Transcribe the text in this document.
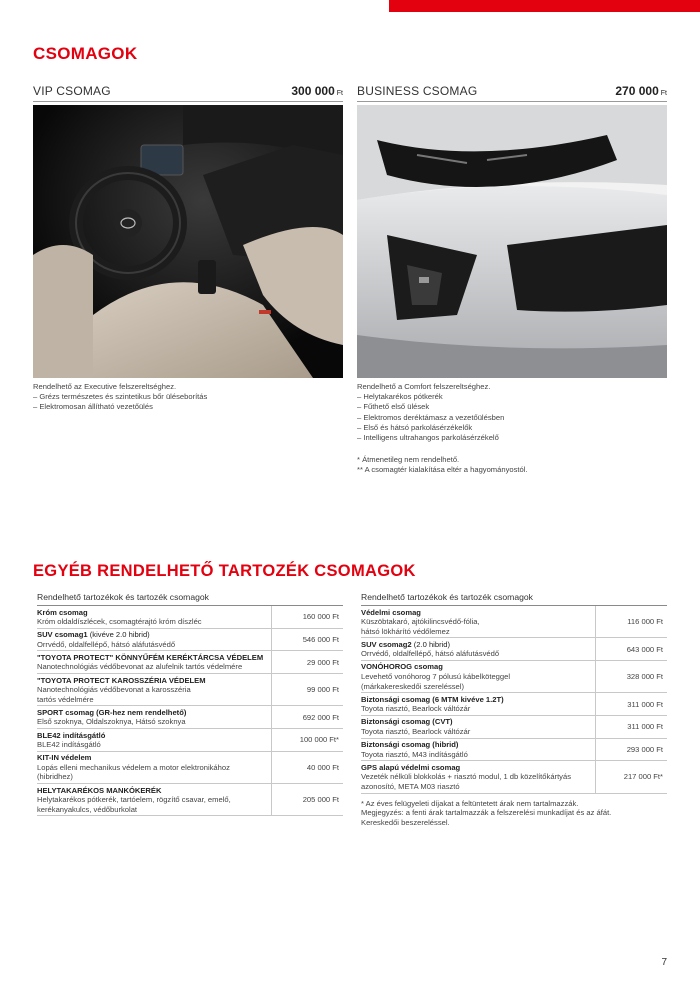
CSOMAGOK
VIP CSOMAG	300 000 Ft
Rendelhető az Executive felszereltséghez.
– Grézs természetes és szintetikus bőr üléseborítás
– Elektromosan állítható vezetőülés
BUSINESS CSOMAG	270 000 Ft
Rendelhető a Comfort felszereltséghez.
– Helytakarékos pótkerék
– Fűthető első ülések
– Elektromos deréktámasz a vezetőülésben
– Első és hátsó parkolásérzékelők
– Intelligens ultrahangos parkolásérzékelő
* Átmenetileg nem rendelhető.
** A csomagtér kialakítása eltér a hagyományostól.
EGYÉB RENDELHETŐ TARTOZÉK CSOMAGOK
Rendelhető tartozékok és tartozék csomagok
Króm csomag
Króm oldaldíszlécek, csomagtérajtó króm díszléc
160 000 Ft
SUV csomag1 (kivéve 2.0 hibrid)
Orrvédő, oldalfellépő, hátsó aláfutásvédő
546 000 Ft
"TOYOTA PROTECT" KÖNNYŰFÉM KERÉKTÁRCSA VÉDELEM
Nanotechnológiás védőbevonat az alufelnik tartós védelmére
29 000 Ft
"TOYOTA PROTECT KAROSSZÉRIA VÉDELEM
Nanotechnológiás védőbevonat a karosszéria
tartós védelmére
99 000 Ft
SPORT csomag (GR-hez nem rendelhető)
Első szoknya, Oldalszoknya, Hátsó szoknya
692 000 Ft
BLE42 indításgátló
BLE42 indításgátló
100 000 Ft*
KIT-IN védelem
Lopás elleni mechanikus védelem a motor elektronikához
(hibridhez)
40 000 Ft
HELYTAKARÉKOS MANKÓKERÉK
Helytakarékos pótkerék, tartóelem, rögzítő csavar, emelő,
kerékanyakulcs, védőburkolat
205 000 Ft
Rendelhető tartozékok és tartozék csomagok
Védelmi csomag
Küszöbtakaró, ajtókilincsvédő-fólia,
hátsó lökhárító védőlemez
116 000 Ft
SUV csomag2 (2.0 hibrid)
Orrvédő, oldalfellépő, hátsó aláfutásvédő
643 000 Ft
VONÓHOROG csomag
Levehető vonóhorog 7 pólusú kábelköteggel
(márkakereskedői szereléssel)
328 000 Ft
Biztonsági csomag (6 MTM kivéve 1.2T)
Toyota riasztó, Bearlock váltózár
311 000 Ft
Biztonsági csomag (CVT)
Toyota riasztó, Bearlock váltózár
311 000 Ft
Biztonsági csomag (hibrid)
Toyota riasztó, M43 indításgátló
293 000 Ft
GPS alapú védelmi csomag
Vezeték nélküli blokkolás + riasztó modul, 1 db közelítőkártyás
azonosító, META M03 riasztó
217 000 Ft*
* Az éves felügyeleti díjakat a feltüntetett árak nem tartalmazzák.
Megjegyzés: a fenti árak tartalmazzák a felszerelési munkadíjat és az áfát.
Kereskedői beszereléssel.
7
